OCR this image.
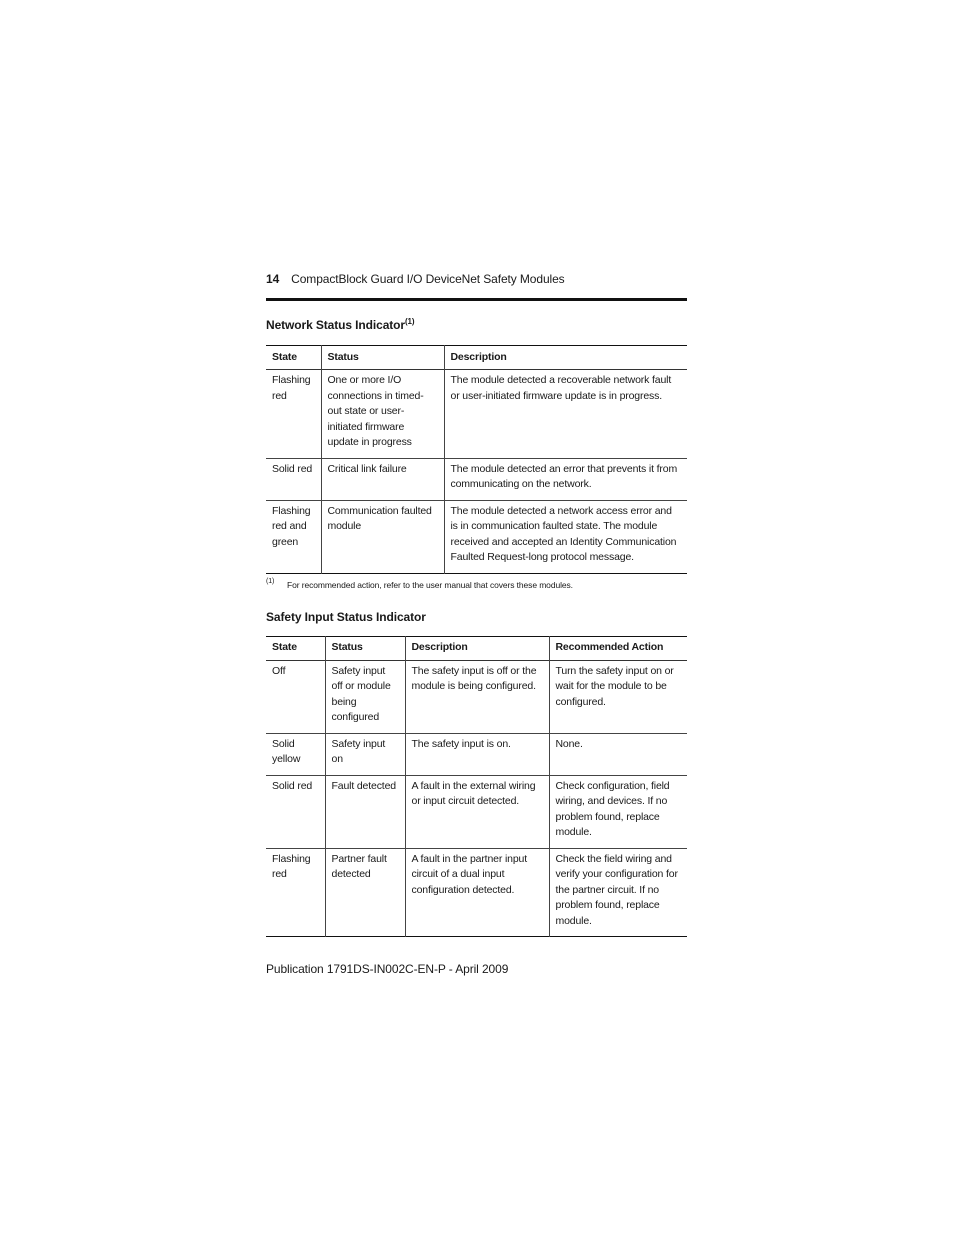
14 CompactBlock Guard I/O DeviceNet Safety Modules
Network Status Indicator$^{(1)}$
State	Status	Description
Flashing red	One or more I/O connections in timed-out state or user-initiated firmware update in progress	The module detected a recoverable network fault or user-initiated firmware update is in progress.
Solid red	Critical link failure	The module detected an error that prevents it from communicating on the network.
Flashing red and green	Communication faulted module	The module detected a network access error and is in communication faulted state. The module received and accepted an Identity Communication Faulted Request-long protocol message.
(1)	For recommended action, refer to the user manual that covers these modules.
Safety Input Status Indicator
State	Status	Description	Recommended Action
Off	Safety input off or module being configured	The safety input is off or the module is being configured.	Turn the safety input on or wait for the module to be configured.
Solid yellow	Safety input on	The safety input is on.	None.
Solid red	Fault detected	A fault in the external wiring or input circuit detected.	Check configuration, field wiring, and devices. If no problem found, replace module.
Flashing red	Partner fault detected	A fault in the partner input circuit of a dual input configuration detected.	Check the field wiring and verify your configuration for the partner circuit. If no problem found, replace module.
Publication 1791DS-IN002C-EN-P - April 2009
